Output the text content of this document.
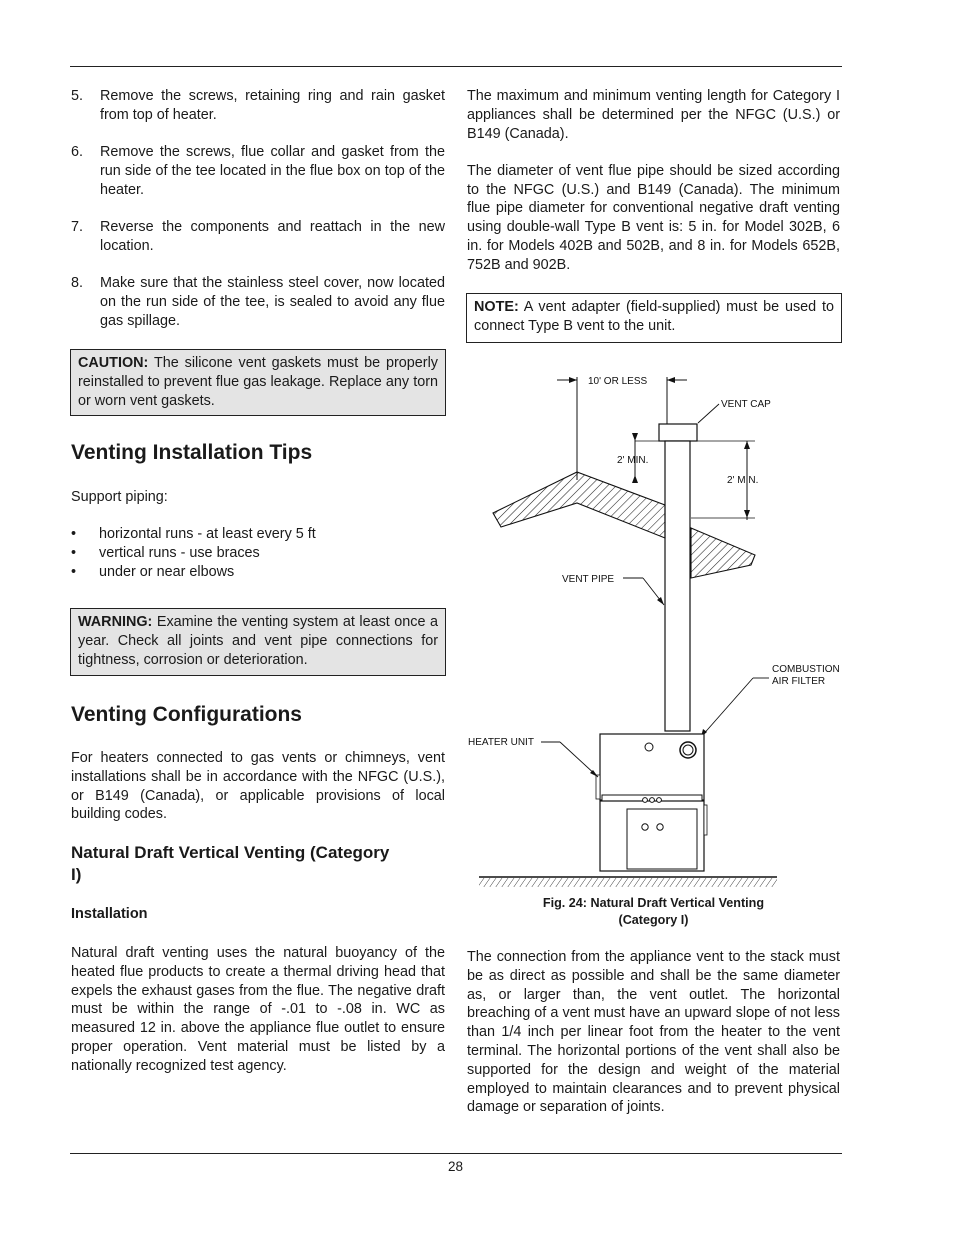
5.	Remove the screws, retaining ring and rain gasket from top of heater.
6.	Remove the screws, flue collar and gasket from the run side of the tee located in the flue box on top of the heater.
7.	Reverse the components and reattach in the new location.
8.	Make sure that the stainless steel cover, now located on the run side of the tee, is sealed to avoid any flue gas spillage.
CAUTION: The silicone vent gaskets must be properly reinstalled to prevent flue gas leakage. Replace any torn or worn vent gaskets.
Venting Installation Tips

Support piping:

•	horizontal runs - at least every 5 ft
•	vertical runs - use braces
•	under or near elbows
WARNING: Examine the venting system at least once a year. Check all joints and vent pipe connections for tightness, corrosion or deterioration.
Venting Configurations

For heaters connected to gas vents or chimneys, vent installations shall be in accordance with the NFGC (U.S.), or B149 (Canada), or applicable provisions of local building codes.

Natural Draft Vertical Venting (Category I)
Installation

Natural draft venting uses the natural buoyancy of the heated flue products to create a thermal driving head that expels the exhaust gases from the flue. The negative draft must be within the range of -.01 to -.08 in. WC as measured 12 in. above the appliance flue outlet to ensure proper operation. Vent material must be listed by a nationally recognized test agency.

The maximum and minimum venting length for Category I appliances shall be determined per the NFGC (U.S.) or B149 (Canada).

The diameter of vent flue pipe should be sized according to the NFGC (U.S.) and B149 (Canada). The minimum flue pipe diameter for conventional negative draft venting using double-wall Type B vent is: 5 in. for Model 302B, 6 in. for Models 402B and 502B, and 8 in. for Models 652B, 752B and 902B.

NOTE: A vent adapter (field-supplied) must be used to connect Type B vent to the unit.
10' OR LESS
VENT CAP
VENT PIPE
2' MIN.
2' MIN.
COMBUSTION
AIR FILTER
HEATER UNIT
Fig. 24: Natural Draft Vertical Venting
(Category I)

The connection from the appliance vent to the stack must be as direct as possible and shall be the same diameter as, or larger than, the vent outlet. The horizontal breaching of a vent must have an upward slope of not less than 1/4 inch per linear foot from the heater to the vent terminal. The horizontal portions of the vent shall also be supported for the design and weight of the material employed to maintain clearances and to prevent physical damage or separation of joints.

28
